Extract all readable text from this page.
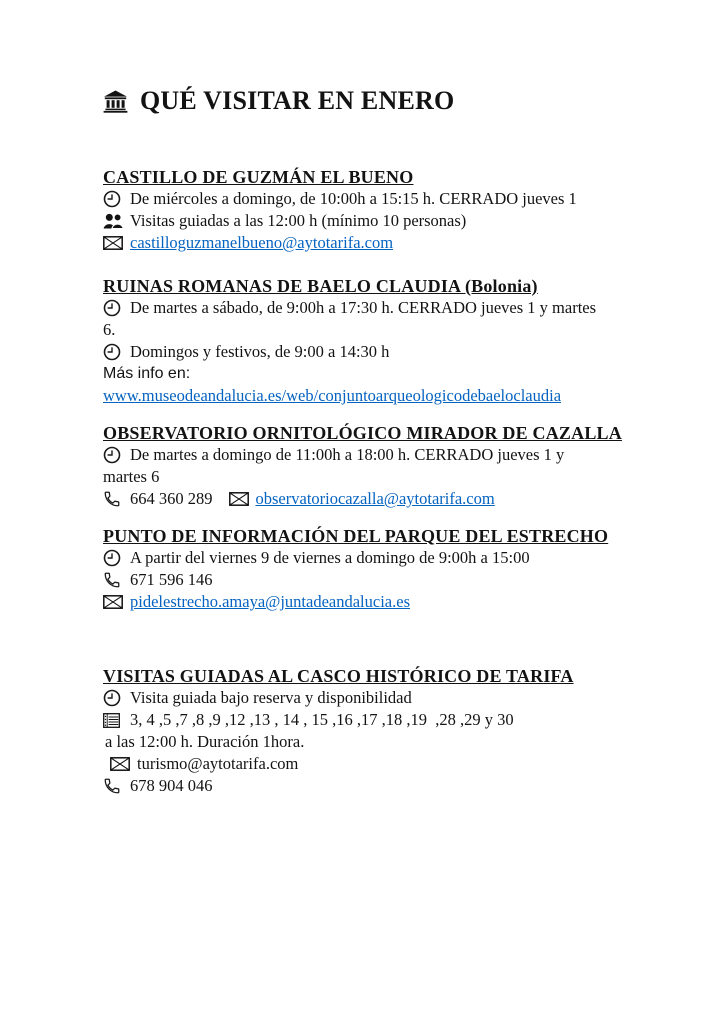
QUÉ VISITAR EN ENERO
CASTILLO DE GUZMÁN EL BUENO
De miércoles a domingo, de 10:00h a 15:15 h. CERRADO jueves 1
Visitas guiadas a las 12:00 h (mínimo 10 personas)
castilloguzmanelbueno@aytotarifa.com
RUINAS ROMANAS DE BAELO CLAUDIA (Bolonia)
De martes a sábado, de 9:00h a 17:30 h. CERRADO jueves 1 y martes
6.
Domingos y festivos, de 9:00 a 14:30 h
Más info en:
www.museodeandalucia.es/web/conjuntoarqueologicodebaeloclaudia
OBSERVATORIO ORNITOLÓGICO MIRADOR DE CAZALLA
De martes a domingo de 11:00h a 18:00 h. CERRADO jueves 1 y
martes 6
664 360 289	observatoriocazalla@aytotarifa.com
PUNTO DE INFORMACIÓN DEL PARQUE DEL ESTRECHO
A partir del viernes 9 de viernes a domingo de 9:00h a 15:00
671 596 146
pidelestrecho.amaya@juntadeandalucia.es
VISITAS GUIADAS AL CASCO HISTÓRICO DE TARIFA
Visita guiada bajo reserva y disponibilidad
3, 4 ,5 ,7 ,8 ,9 ,12 ,13 , 14 , 15 ,16 ,17 ,18 ,19  ,28 ,29 y 30
a las 12:00 h. Duración 1hora.
turismo@aytotarifa.com
678 904 046
